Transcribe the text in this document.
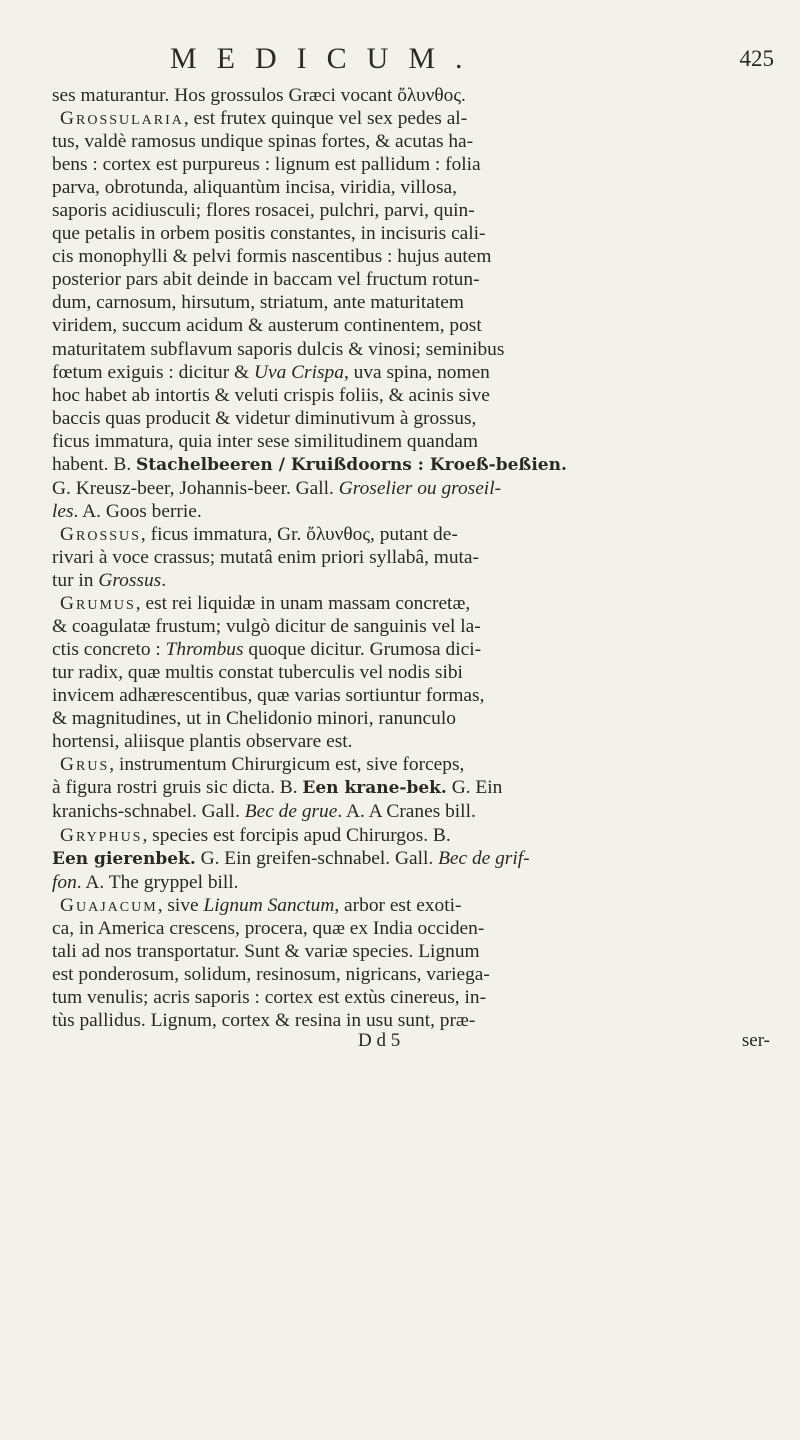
MEDICUM.	425
ses maturantur. Hos grossulos Græci vocant ὄλυνθος.
Grossularia, est frutex quinque vel sex pedes al-
tus, valdè ramosus undique spinas fortes, & acutas ha-
bens : cortex est purpureus : lignum est pallidum : folia
parva, obrotunda, aliquantùm incisa, viridia, villosa,
saporis acidiusculi; flores rosacei, pulchri, parvi, quin-
que petalis in orbem positis constantes, in incisuris cali-
cis monophylli & pelvi formis nascentibus : hujus autem
posterior pars abit deinde in baccam vel fructum rotun-
dum, carnosum, hirsutum, striatum, ante maturitatem
viridem, succum acidum & austerum continentem, post
maturitatem subflavum saporis dulcis & vinosi; seminibus
fœtum exiguis : dicitur & Uva Crispa, uva spina, nomen
hoc habet ab intortis & veluti crispis foliis, & acinis sive
baccis quas producit & videtur diminutivum à grossus,
ficus immatura, quia inter sese similitudinem quandam
habent. B. Stachelbeeren / Kruißdoorns : Kroeß-beßien.
G. Kreusz-beer, Johannis-beer. Gall. Groselier ou groseil-
les. A. Goos berrie.
Grossus, ficus immatura, Gr. ὄλυνθος, putant de-
rivari à voce crassus; mutatâ enim priori syllabâ, muta-
tur in Grossus.
Grumus, est rei liquidæ in unam massam concretæ,
& coagulatæ frustum; vulgò dicitur de sanguinis vel la-
ctis concreto : Thrombus quoque dicitur. Grumosa dici-
tur radix, quæ multis constat tuberculis vel nodis sibi
invicem adhærescentibus, quæ varias sortiuntur formas,
& magnitudines, ut in Chelidonio minori, ranunculo
hortensi, aliisque plantis observare est.
Grus, instrumentum Chirurgicum est, sive forceps,
à figura rostri gruis sic dicta. B. Een krane-bek. G. Ein
kranichs-schnabel. Gall. Bec de grue. A. A Cranes bill.
Gryphus, species est forcipis apud Chirurgos. B.
Een gierenbek. G. Ein greifen-schnabel. Gall. Bec de grif-
fon. A. The gryppel bill.
Guajacum, sive Lignum Sanctum, arbor est exoti-
ca, in America crescens, procera, quæ ex India occiden-
tali ad nos transportatur. Sunt & variæ species. Lignum
est ponderosum, solidum, resinosum, nigricans, variega-
tum venulis; acris saporis : cortex est extùs cinereus, in-
tùs pallidus. Lignum, cortex & resina in usu sunt, præ-
D d 5	ser-
